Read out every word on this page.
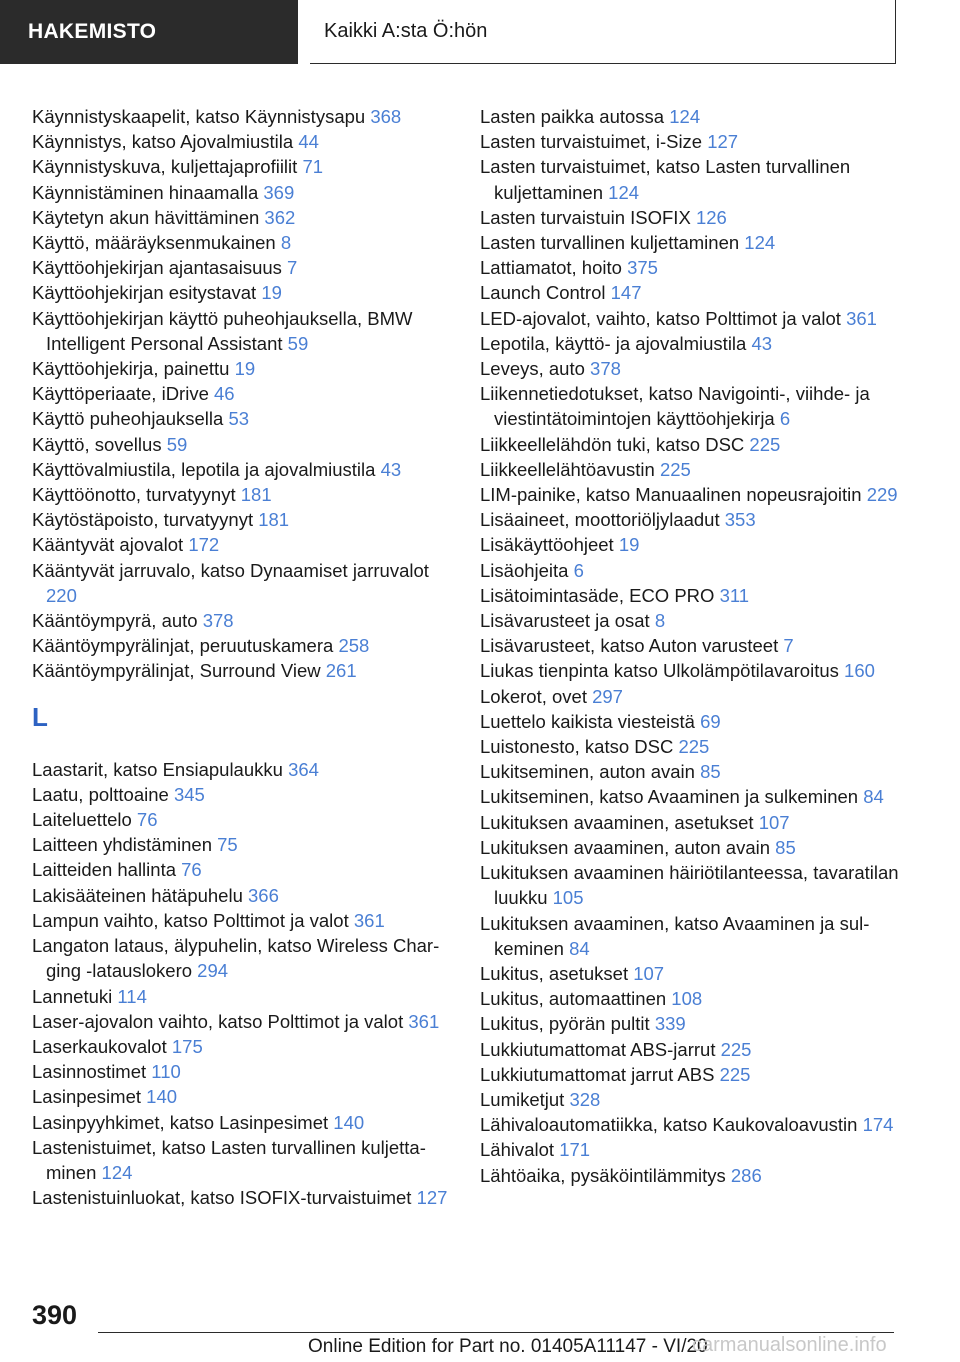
HAKEMISTO	Kaikki A:sta Ö:hön
Käynnistyskaapelit, katso Käynnistysapu 368
Käynnistys, katso Ajovalmiustila 44
Käynnistyskuva, kuljettajaprofiilit 71
Käynnistäminen hinaamalla 369
Käytetyn akun hävittäminen 362
Käyttö, määräyksenmukainen 8
Käyttöohjekirjan ajantasaisuus 7
Käyttöohjekirjan esitystavat 19
Käyttöohjekirjan käyttö puheohjauksella, BMW Intelligent Personal Assistant 59
Käyttöohjekirja, painettu 19
Käyttöperiaate, iDrive 46
Käyttö puheohjauksella 53
Käyttö, sovellus 59
Käyttövalmiustila, lepotila ja ajovalmiustila 43
Käyttöönotto, turvatyynyt 181
Käytöstäpoisto, turvatyynyt 181
Kääntyvät ajovalot 172
Kääntyvät jarruvalo, katso Dynaamiset jarruvalot 220
Kääntöympyrä, auto 378
Kääntöympyrälinjat, peruutuskamera 258
Kääntöympyrälinjat, Surround View 261
L
Laastarit, katso Ensiapulaukku 364
Laatu, polttoaine 345
Laiteluettelo 76
Laitteen yhdistäminen 75
Laitteiden hallinta 76
Lakisääteinen hätäpuhelu 366
Lampun vaihto, katso Polttimot ja valot 361
Langaton lataus, älypuhelin, katso Wireless Charging -latauslokero 294
Lannetuki 114
Laser-ajovalon vaihto, katso Polttimot ja valot 361
Laserkaukovalot 175
Lasinnostimet 110
Lasinpesimet 140
Lasinpyyhkimet, katso Lasinpesimet 140
Lastenistuimet, katso Lasten turvallinen kuljettaminen 124
Lastenistuinluokat, katso ISOFIX-turvaistuimet 127
Lasten paikka autossa 124
Lasten turvaistuimet, i-Size 127
Lasten turvaistuimet, katso Lasten turvallinen kuljettaminen 124
Lasten turvaistuin ISOFIX 126
Lasten turvallinen kuljettaminen 124
Lattiamatot, hoito 375
Launch Control 147
LED-ajovalot, vaihto, katso Polttimot ja valot 361
Lepotila, käyttö- ja ajovalmiustila 43
Leveys, auto 378
Liikennetiedotukset, katso Navigointi-, viihde- ja viestintätoimintojen käyttöohjekirja 6
Liikkeellelähdön tuki, katso DSC 225
Liikkeellelähtöavustin 225
LIM-painike, katso Manuaalinen nopeusrajoitin 229
Lisäaineet, moottoriöljylaadut 353
Lisäkäyttöohjeet 19
Lisäohjeita 6
Lisätoimintasäde, ECO PRO 311
Lisävarusteet ja osat 8
Lisävarusteet, katso Auton varusteet 7
Liukas tienpinta katso Ulkolämpötilavaroitus 160
Lokerot, ovet 297
Luettelo kaikista viesteistä 69
Luistonesto, katso DSC 225
Lukitseminen, auton avain 85
Lukitseminen, katso Avaaminen ja sulkeminen 84
Lukituksen avaaminen, asetukset 107
Lukituksen avaaminen, auton avain 85
Lukituksen avaaminen häiriötilanteessa, tavaratilan luukku 105
Lukituksen avaaminen, katso Avaaminen ja sulkeminen 84
Lukitus, asetukset 107
Lukitus, automaattinen 108
Lukitus, pyörän pultit 339
Lukkiutumattomat ABS-jarrut 225
Lukkiutumattomat jarrut ABS 225
Lumiketjut 328
Lähivaloautomatiikka, katso Kaukovaloavustin 174
Lähivalot 171
Lähtöaika, pysäköintilämmitys 286
390
Online Edition for Part no. 01405A11147 - VI/20
carmanualsonline.info
